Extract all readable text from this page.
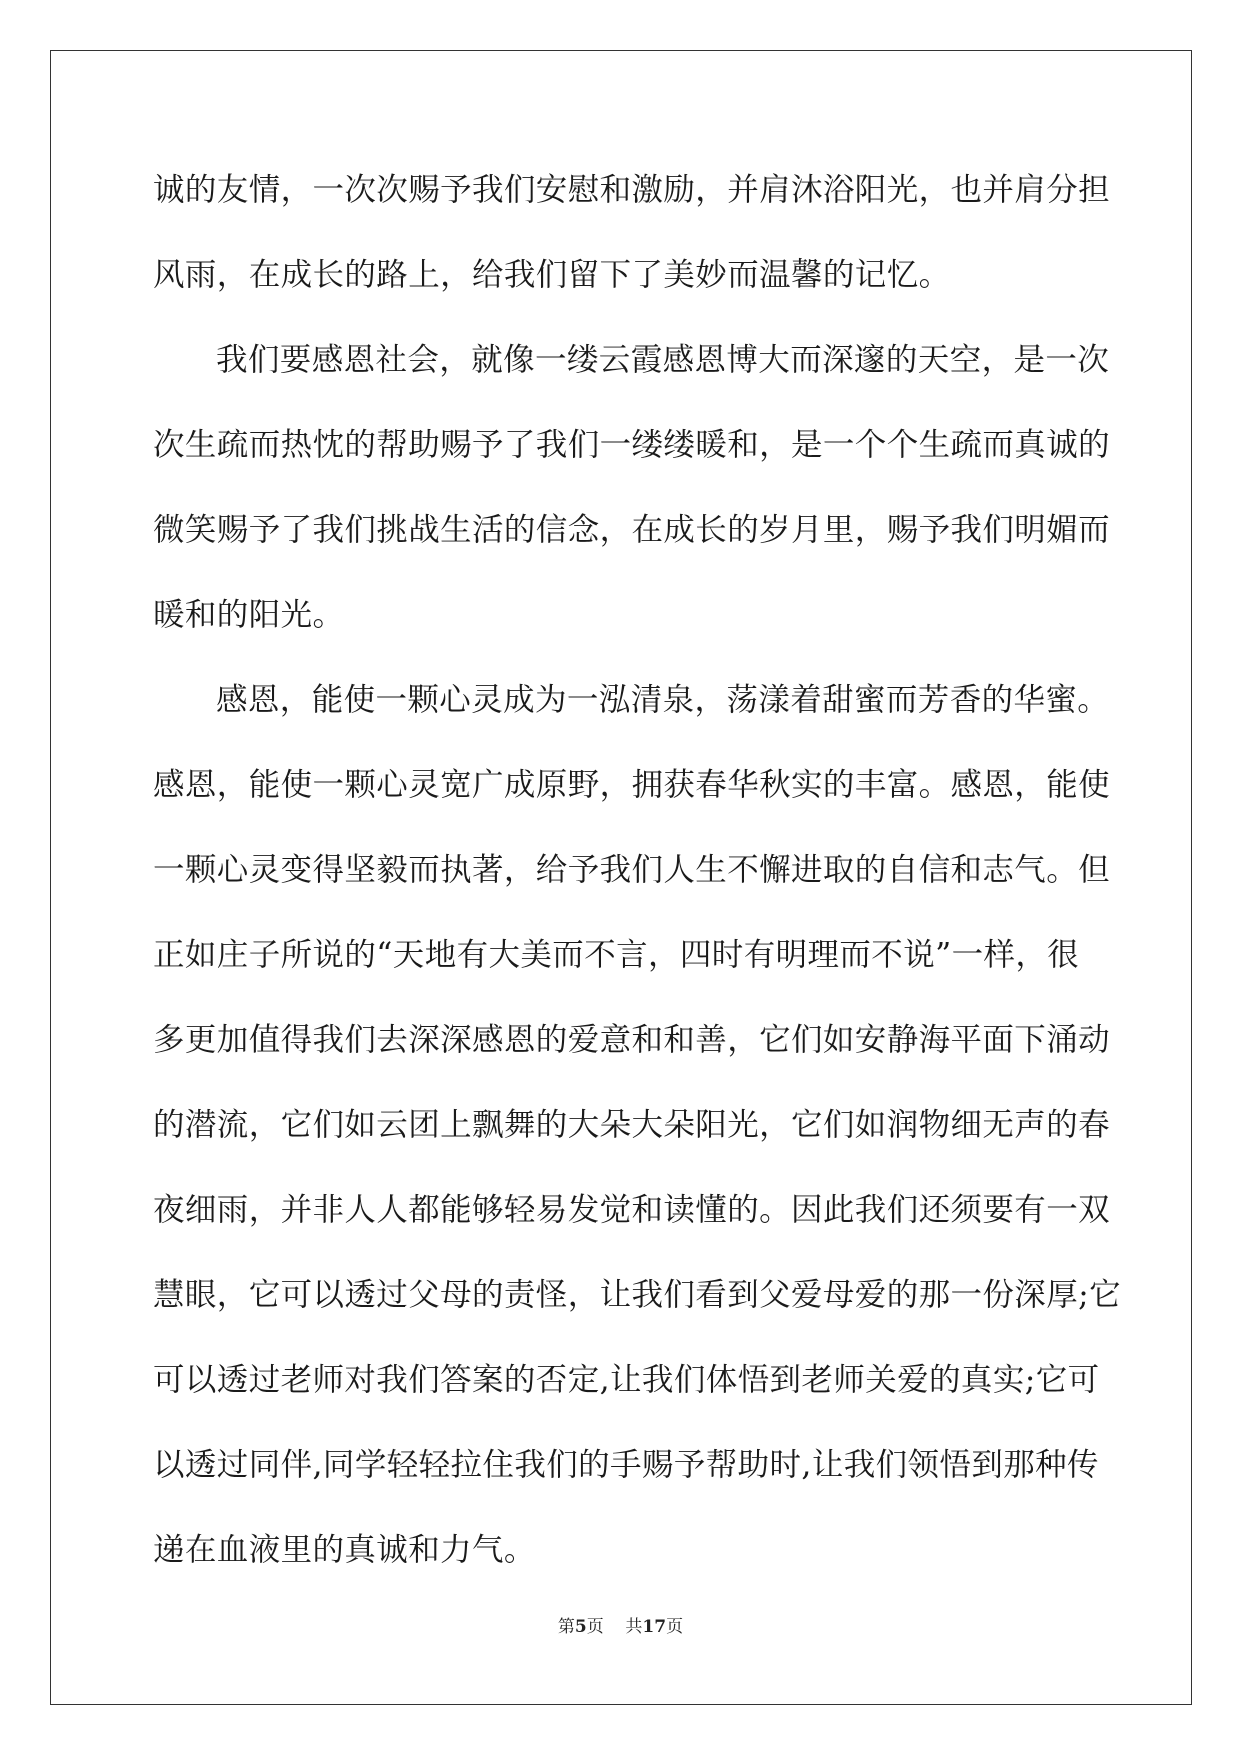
诚的友情，一次次赐予我们安慰和激励，并肩沐浴阳光，也并肩分担
风雨，在成长的路上，给我们留下了美妙而温馨的记忆。
我们要感恩社会，就像一缕云霞感恩博大而深邃的天空，是一次
次生疏而热忱的帮助赐予了我们一缕缕暖和，是一个个生疏而真诚的
微笑赐予了我们挑战生活的信念，在成长的岁月里，赐予我们明媚而
暖和的阳光。
感恩，能使一颗心灵成为一泓清泉，荡漾着甜蜜而芳香的华蜜。
感恩，能使一颗心灵宽广成原野，拥获春华秋实的丰富。感恩，能使
一颗心灵变得坚毅而执著，给予我们人生不懈进取的自信和志气。但
正如庄子所说的“天地有大美而不言，四时有明理而不说”一样，很
多更加值得我们去深深感恩的爱意和和善，它们如安静海平面下涌动
的潜流，它们如云团上飘舞的大朵大朵阳光，它们如润物细无声的春
夜细雨，并非人人都能够轻易发觉和读懂的。因此我们还须要有一双
慧眼，它可以透过父母的责怪，让我们看到父爱母爱的那一份深厚;它
可以透过老师对我们答案的否定,让我们体悟到老师关爱的真实;它可
以透过同伴,同学轻轻拉住我们的手赐予帮助时,让我们领悟到那种传
递在血液里的真诚和力气。
第5页 共17页
